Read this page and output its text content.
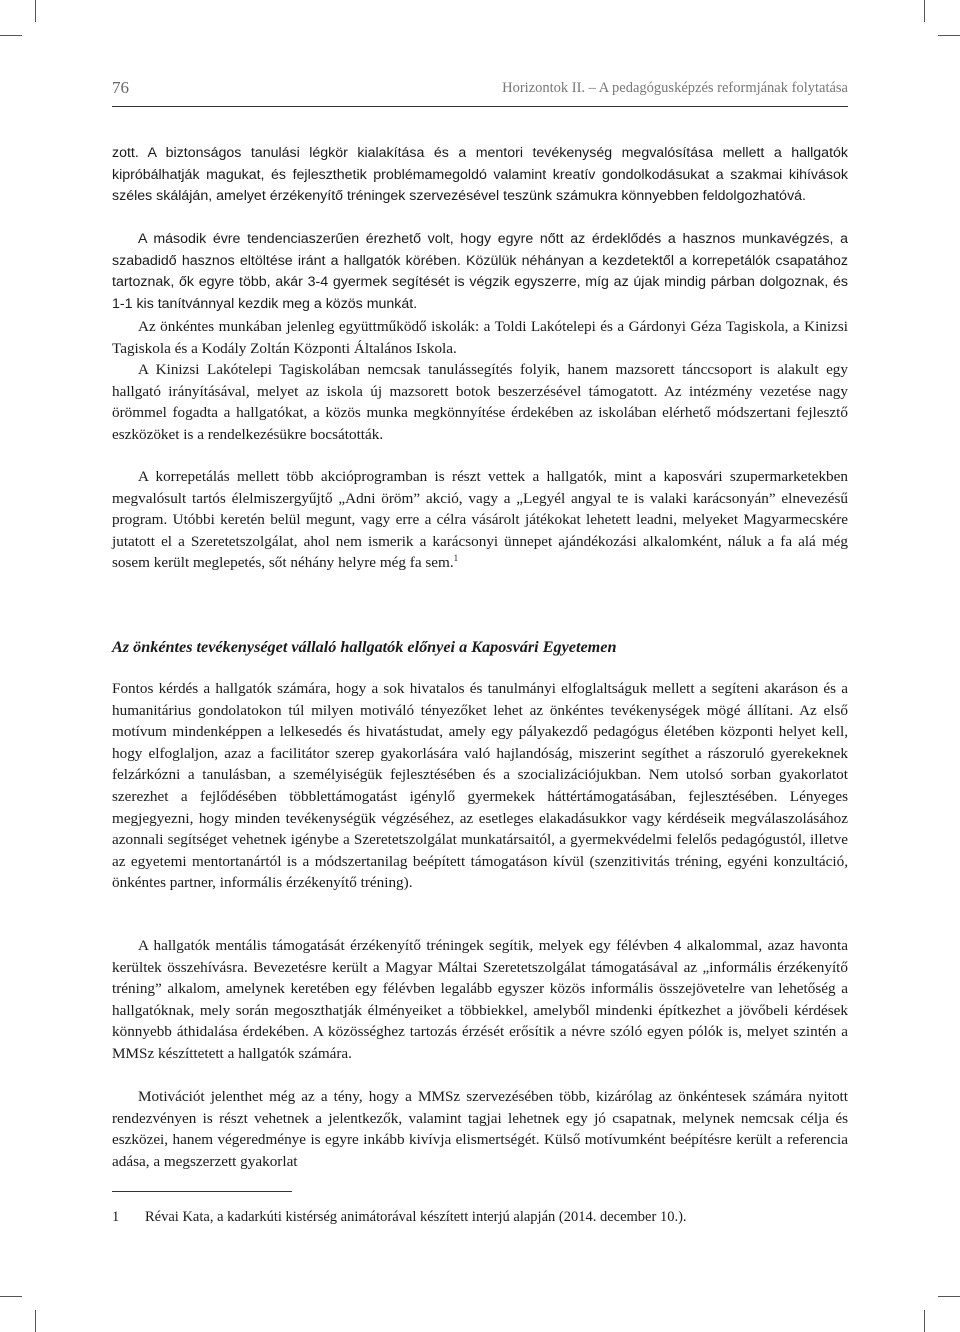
76	Horizontok II. – A pedagógusképzés reformjának folytatása

zott. A biztonságos tanulási légkör kialakítása és a mentori tevékenység megvalósítása mellett a hallgatók kipróbálhatják magukat, és fejleszthetik problémamegoldó valamint kreatív gondolkodásukat a szakmai kihívások széles skáláján, amelyet érzékenyítő tréningek szervezésével teszünk számukra könnyebben feldolgozhatóvá.

A második évre tendenciaszerűen érezhető volt, hogy egyre nőtt az érdeklődés a hasznos munkavégzés, a szabadidő hasznos eltöltése iránt a hallgatók körében. Közülük néhányan a kezdetektől a korrepetálók csapatához tartoznak, ők egyre több, akár 3-4 gyermek segítését is végzik egyszerre, míg az újak mindig párban dolgoznak, és 1-1 kis tanítvánnyal kezdik meg a közös munkát.

Az önkéntes munkában jelenleg együttműködő iskolák: a Toldi Lakótelepi és a Gárdonyi Géza Tagiskola, a Kinizsi Tagiskola és a Kodály Zoltán Központi Általános Iskola.

A Kinizsi Lakótelepi Tagiskolában nemcsak tanulássegítés folyik, hanem mazsorett tánccsoport is alakult egy hallgató irányításával, melyet az iskola új mazsorett botok beszerzésével támogatott. Az intézmény vezetése nagy örömmel fogadta a hallgatókat, a közös munka megkönnyítése érdekében az iskolában elérhető módszertani fejlesztő eszközöket is a rendelkezésükre bocsátották.

A korrepetálás mellett több akcióprogramban is részt vettek a hallgatók, mint a kaposvári szupermarketekben megvalósult tartós élelmiszergyűjtő „Adni öröm” akció, vagy a „Legyél angyal te is valaki karácsonyán” elnevezésű program. Utóbbi keretén belül megunt, vagy erre a célra vásárolt játékokat lehetett leadni, melyeket Magyarmecskére jutatott el a Szeretetszolgálat, ahol nem ismerik a karácsonyi ünnepet ajándékozási alkalomként, náluk a fa alá még sosem került meglepetés, sőt néhány helyre még fa sem.$^1$

Az önkéntes tevékenységet vállaló hallgatók előnyei a Kaposvári Egyetemen

Fontos kérdés a hallgatók számára, hogy a sok hivatalos és tanulmányi elfoglaltságuk mellett a segíteni akaráson és a humanitárius gondolatokon túl milyen motiváló tényezőket lehet az önkéntes tevékenységek mögé állítani. Az első motívum mindenképpen a lelkesedés és hivatástudat, amely egy pályakezdő pedagógus életében központi helyet kell, hogy elfoglaljon, azaz a facilitátor szerep gyakorlására való hajlandóság, miszerint segíthet a rászoruló gyerekeknek felzárkózni a tanulásban, a személyiségük fejlesztésében és a szocializációjukban. Nem utolsó sorban gyakorlatot szerezhet a fejlődésében többlettámogatást igénylő gyermekek háttértámogatásában, fejlesztésében. Lényeges megjegyezni, hogy minden tevékenységük végzéséhez, az esetleges elakadásukkor vagy kérdéseik megválaszolásához azonnali segítséget vehetnek igénybe a Szeretetszolgálat munkatársaitól, a gyermekvédelmi felelős pedagógustól, illetve az egyetemi mentortanártól is a módszertanilag beépített támogatáson kívül (szenzitivitás tréning, egyéni konzultáció, önkéntes partner, informális érzékenyítő tréning).

A hallgatók mentális támogatását érzékenyítő tréningek segítik, melyek egy félévben 4 alkalommal, azaz havonta kerültek összehívásra. Bevezetésre került a Magyar Máltai Szeretetszolgálat támogatásával az „informális érzékenyítő tréning” alkalom, amelynek keretében egy félévben legalább egyszer közös informális összejövetelre van lehetőség a hallgatóknak, mely során megoszthatják élményeiket a többiekkel, amelyből mindenki építkezhet a jövőbeli kérdések könnyebb áthidalása érdekében. A közösséghez tartozás érzését erősítik a névre szóló egyen pólók is, melyet szintén a MMSz készíttetett a hallgatók számára.

Motivációt jelenthet még az a tény, hogy a MMSz szervezésében több, kizárólag az önkéntesek számára nyitott rendezvényen is részt vehetnek a jelentkezők, valamint tagjai lehetnek egy jó csapatnak, melynek nemcsak célja és eszközei, hanem végeredménye is egyre inkább kivívja elismertségét. Külső motívumként beépítésre került a referencia adása, a megszerzett gyakorlat

1 Révai Kata, a kadarkúti kistérség animátorával készített interjú alapján (2014. december 10.).
